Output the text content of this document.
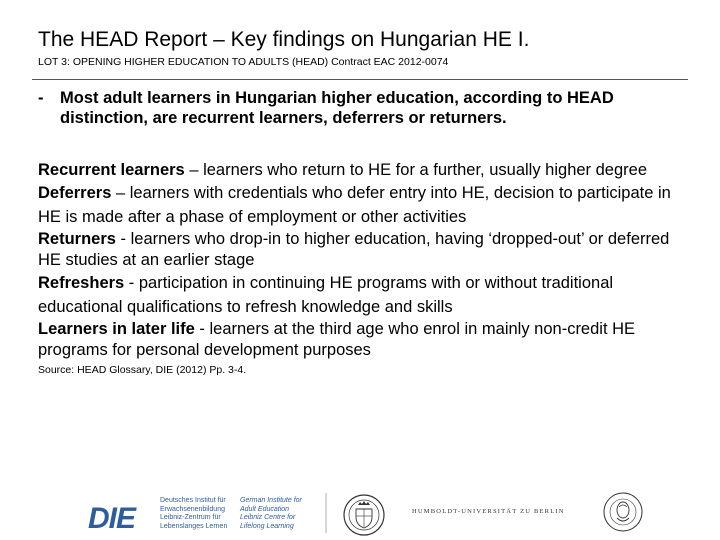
The HEAD Report – Key findings on Hungarian HE I.
LOT 3: OPENING HIGHER EDUCATION TO ADULTS (HEAD) Contract EAC 2012-0074
- Most adult learners in Hungarian higher education, according to HEAD distinction, are recurrent learners, deferrers or returners.

Recurrent learners – learners who return to HE for a further, usually higher degree

Deferrers – learners with credentials who defer entry into HE, decision to participate in HE is made after a phase of employment or other activities

Returners - learners who drop-in to higher education, having ‘dropped-out’ or deferred HE studies at an earlier stage

Refreshers - participation in continuing HE programs with or without traditional educational qualifications to refresh knowledge and skills

Learners in later life - learners at the third age who enrol in mainly non-credit HE programs for personal development purposes

Source: HEAD Glossary, DIE (2012) Pp. 3-4.
DIE
Deutsches Institut für
Erwachsenenbildung
Leibniz-Zentrum für
Lebenslanges Lernen
German Institute for
Adult Education
Leibniz Centre for
Lifelong Learning
HUMBOLDT-UNIVERSITÄT ZU BERLIN
